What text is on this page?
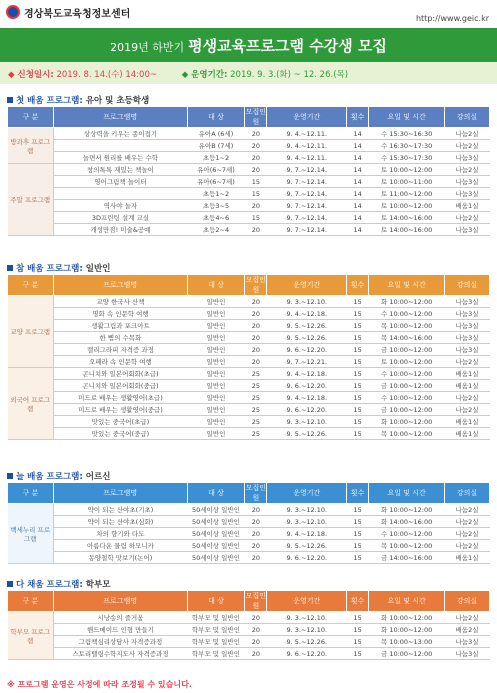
경상북도교육청정보센터	http://www.geic.kr
2019년 하반기 평생교육프로그램 수강생 모집
◆ 신청일시: 2019. 8. 14.(수) 14:00~	◆ 운영기간: 2019. 9. 3.(화) ~ 12. 26.(목)
첫 배움 프로그램: 유아 및 초등학생
구 분	프로그램명	대 상	모집인원	운영기간	횟수	요일 및 시간	강의실
방과후 프로그램	상상력을 키우는 종이접기	유아A (6세)	20	9. 4.~12.11.	14	수 15:30~16:30	나눔2실
		유아B (7세)	20	9. 4.~12.11.	14	수 16:30~17:30	나눔2실
	놀면서 원리를 배우는 수학	초등1~2	20	9. 4.~12.11.	14	수 15:30~17:30	나눔3실
주말 프로그램	창의톡톡 재밌는 책놀이	유아(6~7세)	20	9. 7.~12.14.	14	토 10:00~12:00	나눔2실
	영어그림책 놀이터	유아(6~7세)	15	9. 7.~12.14.	14	토 10:00~11:00	나눔3실
		초등1~2	15	9. 7.~12.14.	14	토 11:00~12:00	나눔3실
	역사야 놀자	초등3~5	20	9. 7.~12.14.	14	토 10:00~12:00	배움1실
	3D프린팅 설계 교실	초등4~6	15	9. 7.~12.14.	14	토 14:00~16:00	나눔2실
	개성만점! 미술&공예	초등2~4	20	9. 7.~12.14.	14	토 14:00~16:00	나눔3실
참 배움 프로그램: 일반인
구 분	프로그램명	대 상	모집인원	운영기간	횟수	요일 및 시간	강의실
교양 프로그램	교양 한국사 산책	일반인	20	9. 3.~12.10.	15	화 10:00~12:00	나눔3실
	명화 속 인문학 여행	일반인	20	9. 4.~12.18.	15	수 10:00~12:00	나눔3실
	생활그림과 포크아트	일반인	20	9. 5.~12.26.	15	목 10:00~12:00	나눔3실
	한 뼘의 수목화	일반인	20	9. 5.~12.26.	15	목 14:00~16:00	나눔3실
	캘리그라피 자격증 과정	일반인	20	9. 6.~12.20.	15	금 10:00~12:00	나눔3실
	오페라 속 인문학 여행	일반인	20	9. 7.~12.21.	15	토 10:00~12:00	나눔2실
외국어 프로그램	곤니치와 일본어회화(초급)	일반인	25	9. 4.~12.18.	15	수 10:00~12:00	배움1실
	곤니치와 일본어회화(중급)	일반인	25	9. 6.~12.20.	15	금 10:00~12:00	배움1실
	미드로 배우는 생활영어(초급)	일반인	25	9. 4.~12.18.	15	수 10:00~12:00	나눔2실
	미드로 배우는 생활영어(중급)	일반인	25	9. 6.~12.20.	15	금 10:00~12:00	나눔2실
	맛있는 중국어(초급)	일반인	25	9. 3.~12.10.	15	화 10:00~12:00	배움1실
	맛있는 중국어(중급)	일반인	25	9. 5.~12.26.	15	목 10:00~12:00	배움1실
늘 배움 프로그램: 어르신
구 분	프로그램명	대 상	모집인원	운영기간	횟수	요일 및 시간	강의실
백세누리 프로그램	약이 되는 산야초(기초)	50세이상 일반인	20	9. 3.~12.10.	15	화 10:00~12:00	나눔2실
	약이 되는 산야초(심화)	50세이상 일반인	20	9. 3.~12.10.	15	화 14:00~16:00	나눔2실
	차의 향기와 다도	50세이상 일반인	20	9. 4.~12.18.	15	수 10:00~12:00	나눔2실
	아름다운 물림 하모니카	50세이상 일반인	20	9. 5.~12.26.	15	목 10:00~12:00	나눔2실
	동양철학 맛보기(논어)	50세이상 일반인	20	9. 6.~12.20.	15	금 14:00~16:00	배움1실
다 채움 프로그램: 학부모
구 분	프로그램명	대 상	모집인원	운영기간	횟수	요일 및 시간	강의실
학부모 프로그램	시낭송의 즐거움	학부모 및 일반인	20	9. 3.~12.10.	15	화 10:00~12:00	나눔2실
	핸드메이드 인형 만들기	학부모 및 일반인	20	9. 3.~12.10.	15	화 10:00~12:00	배움2실
	그림책심리상담사 자격증과정	학부모 및 일반인	20	9. 5.~12.26.	15	목 10:00~13:00	나눔3실
	스토리텔링수학지도사 자격증과정	학부모 및 일반인	20	9. 6.~12.20.	15	금 10:00~12:00	나눔3실
※ 프로그램 운영은 사정에 따라 조정될 수 있습니다.
